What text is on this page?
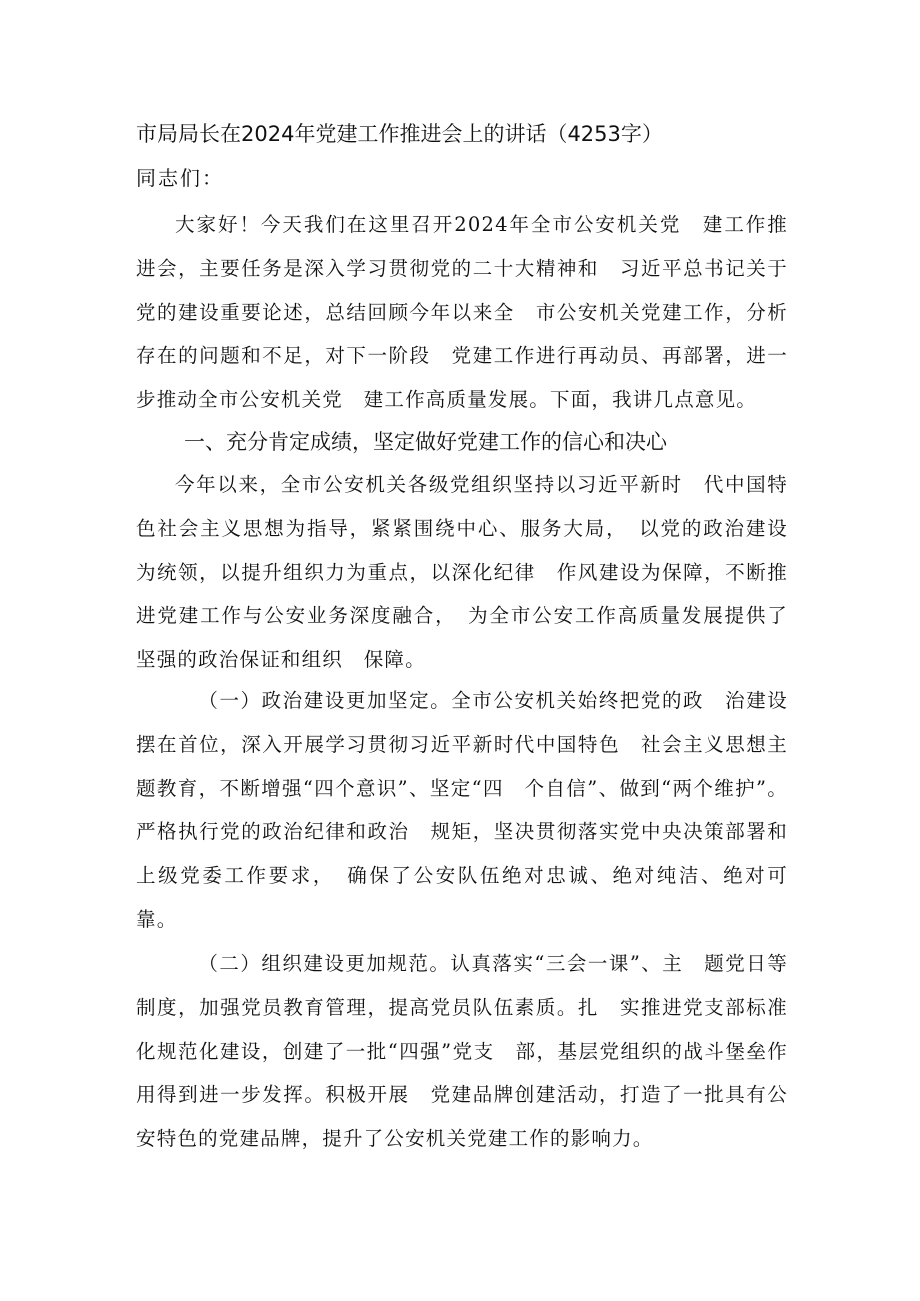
市局局长在2024年党建工作推进会上的讲话（4253字）
同志们：
大家好！今天我们在这里召开2024年全市公安机关党　建工作推进会，主要任务是深入学习贯彻党的二十大精神和　习近平总书记关于党的建设重要论述，总结回顾今年以来全　市公安机关党建工作，分析存在的问题和不足，对下一阶段　党建工作进行再动员、再部署，进一步推动全市公安机关党　建工作高质量发展。下面，我讲几点意见。
一、充分肯定成绩，坚定做好党建工作的信心和决心
今年以来，全市公安机关各级党组织坚持以习近平新时　代中国特色社会主义思想为指导，紧紧围绕中心、服务大局，　以党的政治建设为统领，以提升组织力为重点，以深化纪律　作风建设为保障，不断推进党建工作与公安业务深度融合，　为全市公安工作高质量发展提供了坚强的政治保证和组织　保障。
（一）政治建设更加坚定。全市公安机关始终把党的政　治建设摆在首位，深入开展学习贯彻习近平新时代中国特色　社会主义思想主题教育，不断增强“四个意识”、坚定“四　个自信”、做到“两个维护”。严格执行党的政治纪律和政治　规矩，坚决贯彻落实党中央决策部署和上级党委工作要求，　确保了公安队伍绝对忠诚、绝对纯洁、绝对可靠。
（二）组织建设更加规范。认真落实“三会一课”、主　题党日等制度，加强党员教育管理，提高党员队伍素质。扎　实推进党支部标准化规范化建设，创建了一批“四强”党支　部，基层党组织的战斗堡垒作用得到进一步发挥。积极开展　党建品牌创建活动，打造了一批具有公安特色的党建品牌，提升了公安机关党建工作的影响力。
